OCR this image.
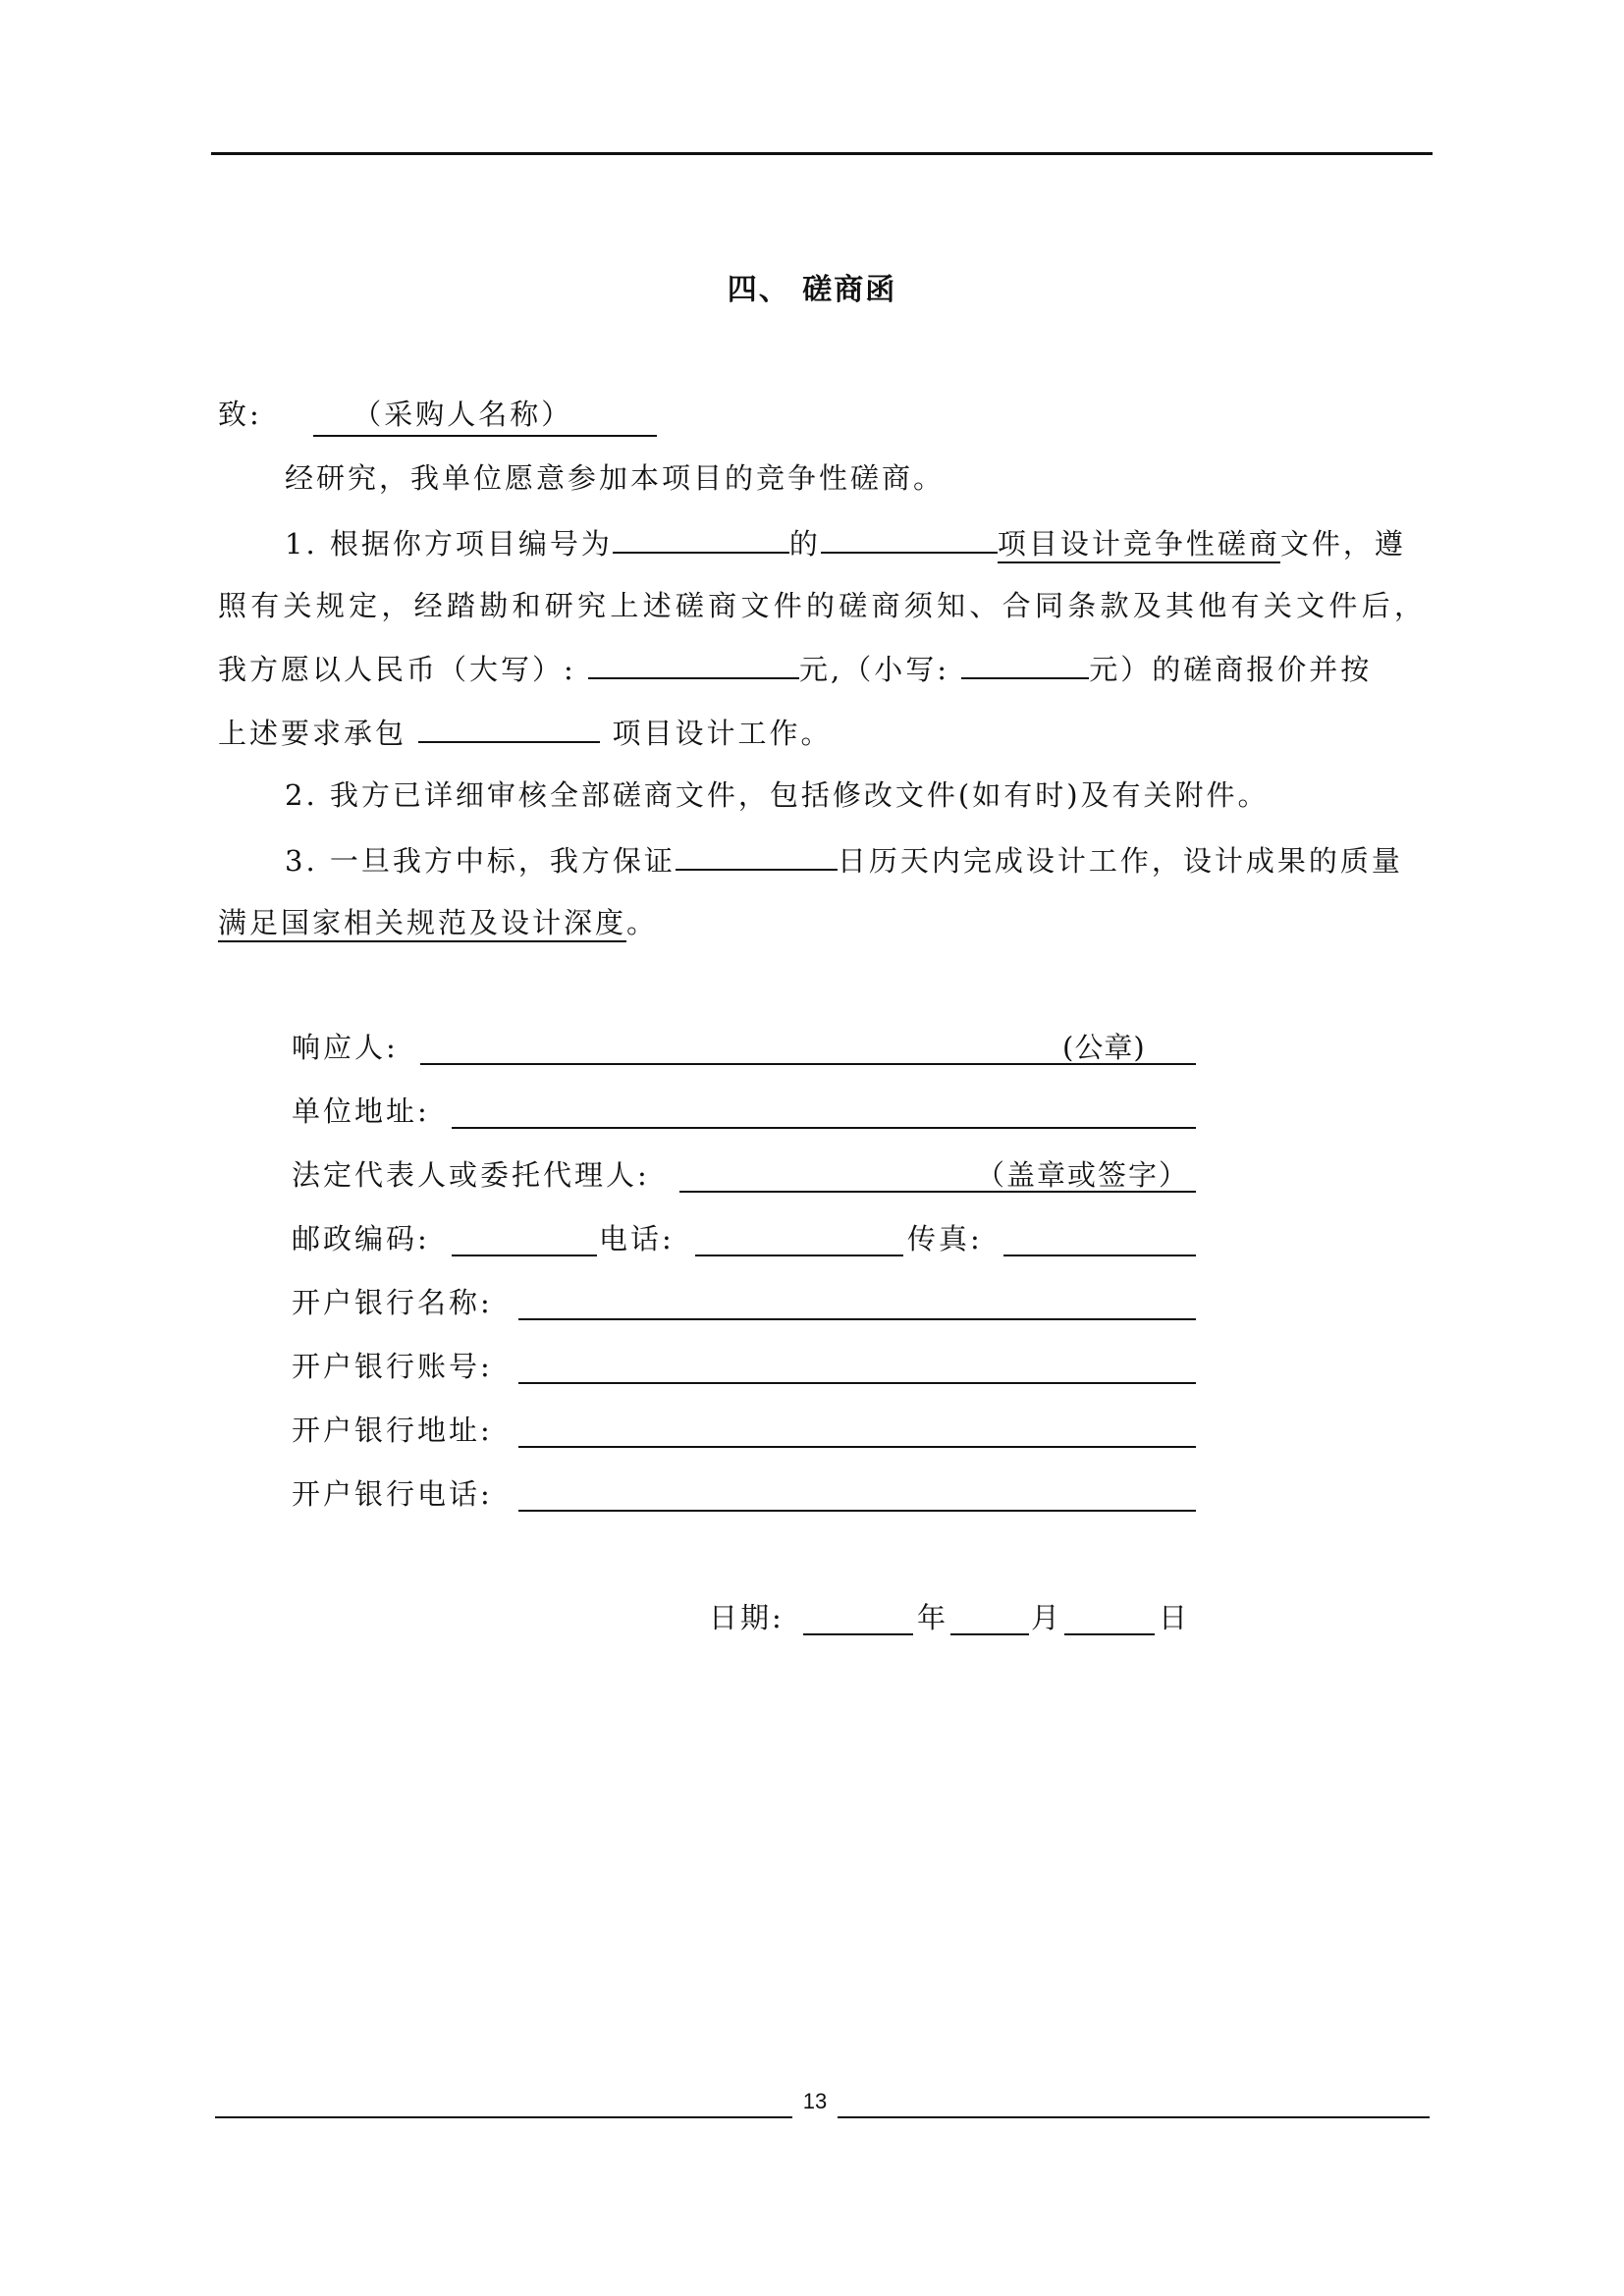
四、 磋商函
致:	（采购人名称）
经研究，我单位愿意参加本项目的竞争性磋商。
1. 根据你方项目编号为	的	项目设计竞争性磋商文件，遵
照有关规定，经踏勘和研究上述磋商文件的磋商须知、合同条款及其他有关文件后，
我方愿以人民币（大写）:	元,（小写:	元）的磋商报价并按
上述要求承包	项目设计工作。
2. 我方已详细审核全部磋商文件，包括修改文件(如有时)及有关附件。
3. 一旦我方中标，我方保证	日历天内完成设计工作，设计成果的质量
满足国家相关规范及设计深度。
响应人:	(公章)
单位地址:
法定代表人或委托代理人:	（盖章或签字）
邮政编码:	电话:	传真:
开户银行名称:
开户银行账号:
开户银行地址:
开户银行电话:
日期:	年	月	日
13
